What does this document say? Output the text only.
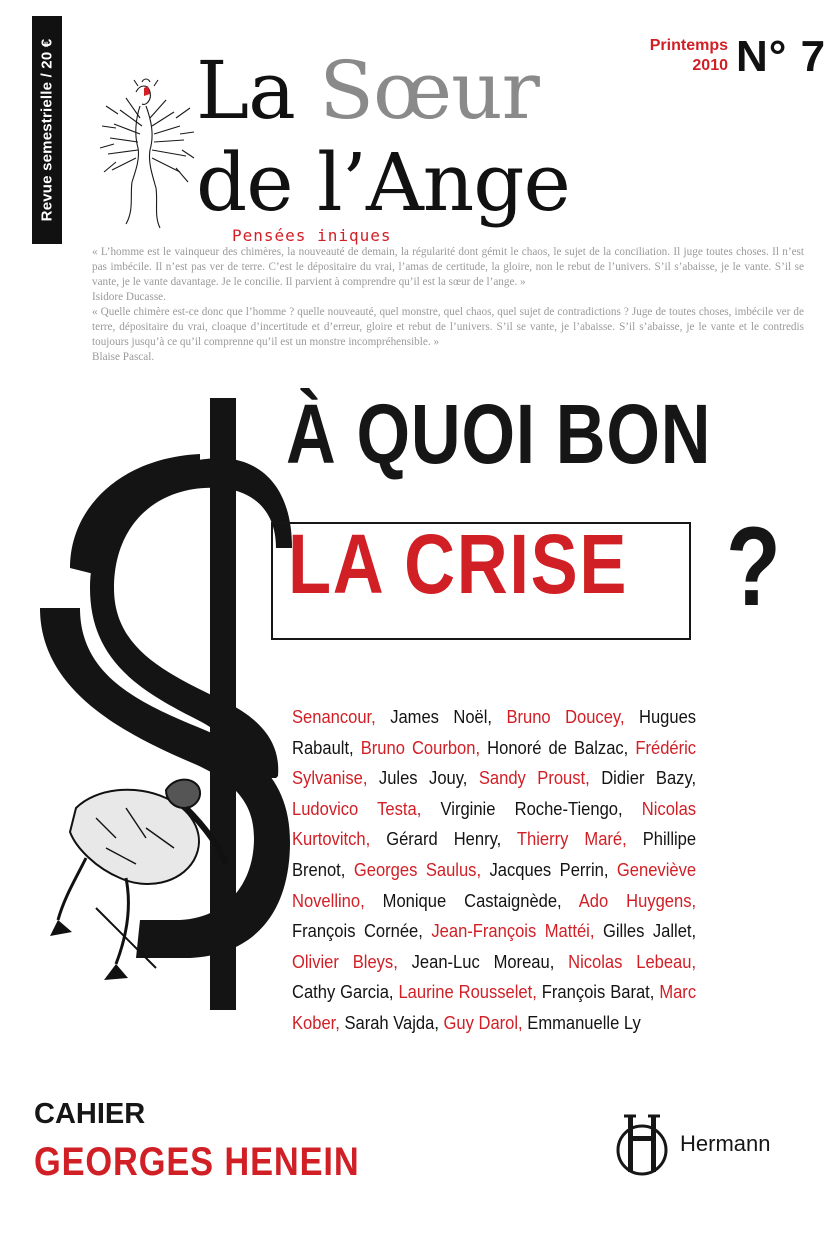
Revue semestrielle / 20 €	Printemps
2010 N° 7
La Sœur
de l’Ange
Pensées iniques

« L’homme est le vainqueur des chimères, la nouveauté de demain, la régularité dont gémit le chaos, le sujet de la conciliation. Il juge toutes choses. Il n’est pas imbécile. Il n’est pas ver de terre. C’est le dépositaire du vrai, l’amas de certitude, la gloire, non le rebut de l’univers. S’il s’abaisse, je le vante. S’il se vante, je le vante davantage. Je le concilie. Il parvient à comprendre qu’il est la sœur de l’ange. »

Isidore Ducasse.

« Quelle chimère est-ce donc que l’homme ? quelle nouveauté, quel monstre, quel chaos, quel sujet de contradictions ? Juge de toutes choses, imbécile ver de terre, dépositaire du vrai, cloaque d’incertitude et d’erreur, gloire et rebut de l’univers. S’il se vante, je l’abaisse. S’il s’abaisse, je le vante et le contredis toujours jusqu’à ce qu’il comprenne qu’il est un monstre incompréhensible. »

Blaise Pascal.

À QUOI BON
LA CRISE ?
Senancour, James Noël, Bruno Doucey, Hugues Rabault, Bruno Courbon, Honoré de Balzac, Frédéric Sylvanise, Jules Jouy, Sandy Proust, Didier Bazy, Ludovico Testa, Virginie Roche-Tiengo, Nicolas Kurtovitch, Gérard Henry, Thierry Maré, Phillipe Brenot, Georges Saulus, Jacques Perrin, Geneviève Novellino, Monique Castaignède, Ado Huygens, François Cornée, Jean-François Mattéi, Gilles Jallet, Olivier Bleys, Jean-Luc Moreau, Nicolas Lebeau, Cathy Garcia, Laurine Rousselet, François Barat, Marc Kober, Sarah Vajda, Guy Darol, Emmanuelle Ly
CAHIER
GEORGES HENEIN	Hermann
